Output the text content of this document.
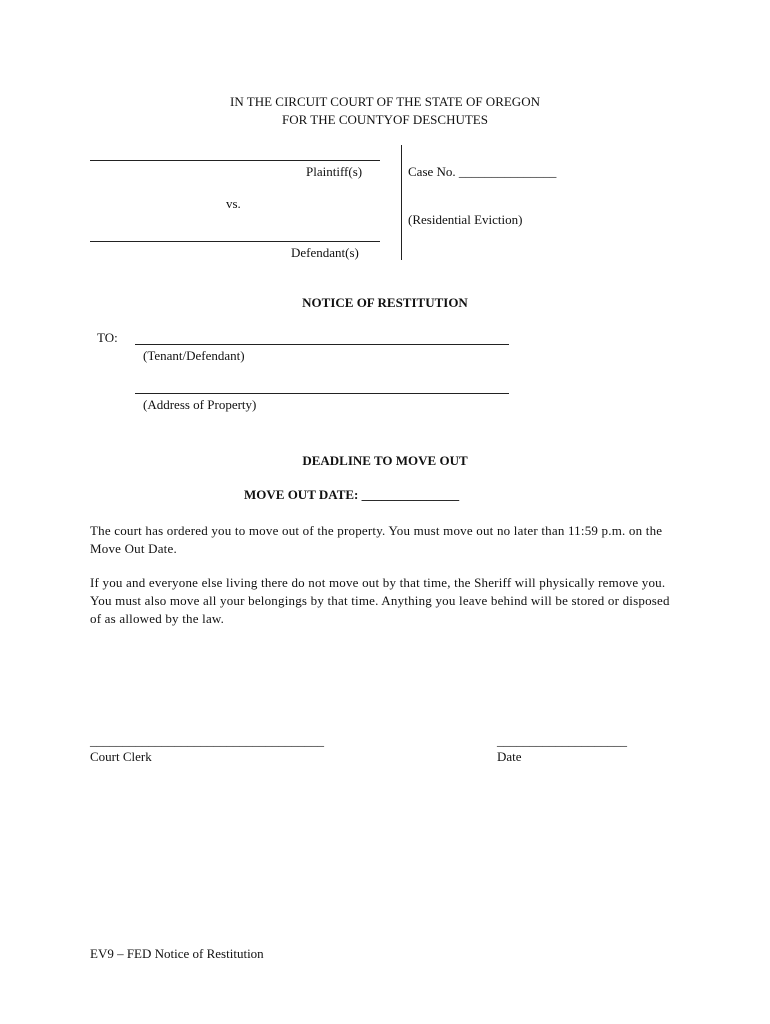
IN THE CIRCUIT COURT OF THE STATE OF OREGON
FOR THE COUNTYOF DESCHUTES
Plaintiff(s)
vs.
Defendant(s)
Case No. _______________
(Residential Eviction)
NOTICE OF RESTITUTION
TO:
(Tenant/Defendant)
(Address of Property)
DEADLINE TO MOVE OUT
MOVE OUT DATE: _______________
The court has ordered you to move out of the property. You must move out no later than 11:59 p.m. on the Move Out Date.
If you and everyone else living there do not move out by that time, the Sheriff will physically remove you. You must also move all your belongings by that time. Anything you leave behind will be stored or disposed of as allowed by the law.
____________________________________
Court Clerk
____________________
Date
EV9 – FED Notice of Restitution
